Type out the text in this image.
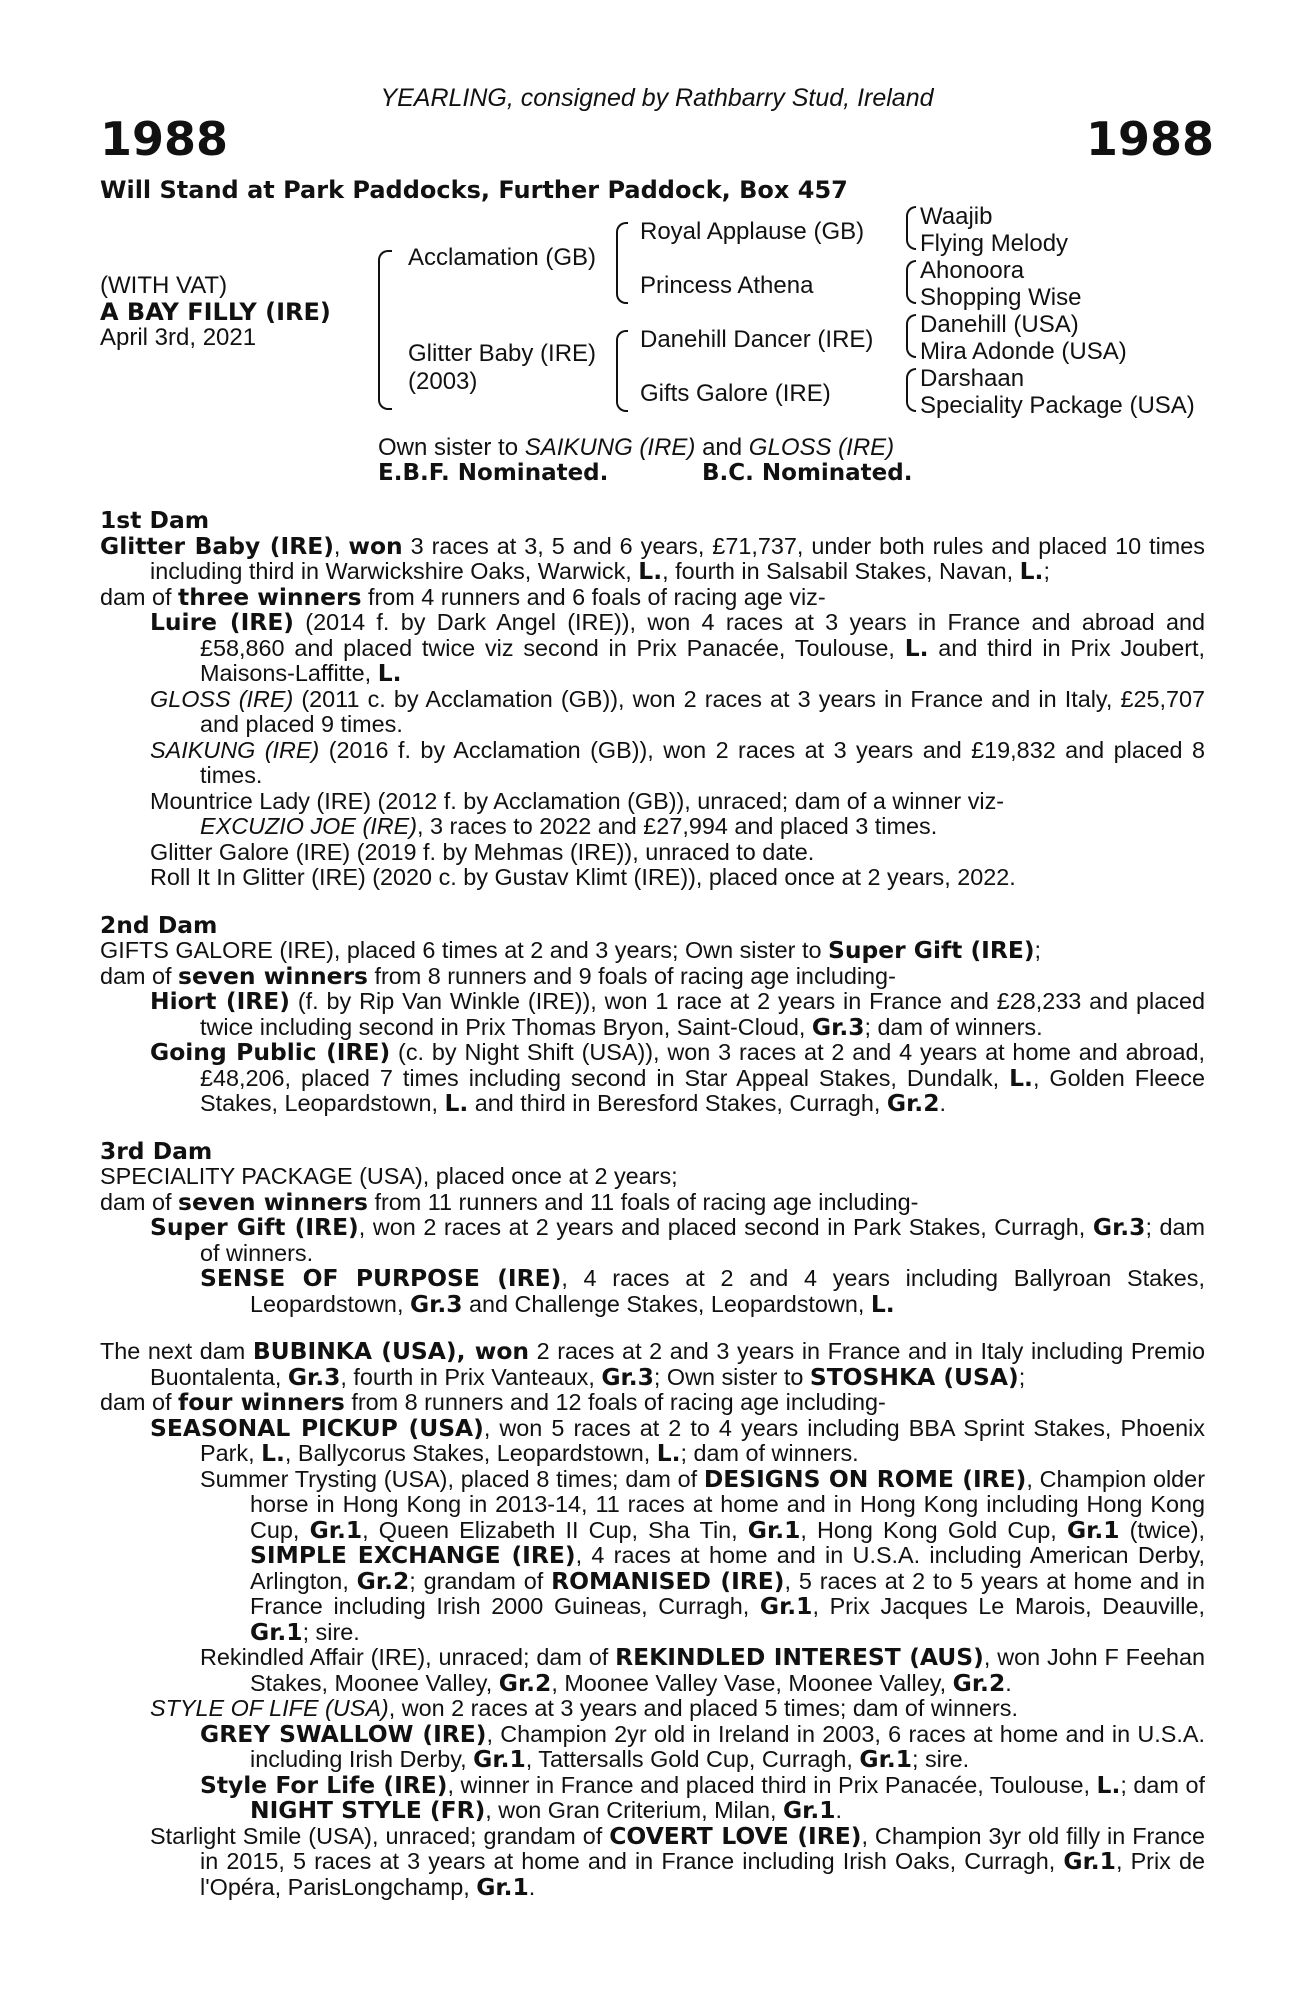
YEARLING, consigned by Rathbarry Stud, Ireland
1988	1988
Will Stand at Park Paddocks, Further Paddock, Box 457
(WITH VAT)
A BAY FILLY (IRE)
April 3rd, 2021
Acclamation (GB)
Glitter Baby (IRE)
(2003)
Royal Applause (GB)
Princess Athena
Danehill Dancer (IRE)
Gifts Galore (IRE)
Waajib
Flying Melody
Ahonoora
Shopping Wise
Danehill (USA)
Mira Adonde (USA)
Darshaan
Speciality Package (USA)
Own sister to SAIKUNG (IRE) and GLOSS (IRE)
E.B.F. Nominated.	B.C. Nominated.

1st Dam

Glitter Baby (IRE), won 3 races at 3, 5 and 6 years, £71,737, under both rules and placed 10 times including third in Warwickshire Oaks, Warwick, L., fourth in Salsabil Stakes, Navan, L.;

dam of three winners from 4 runners and 6 foals of racing age viz-

Luire (IRE) (2014 f. by Dark Angel (IRE)), won 4 races at 3 years in France and abroad and £58,860 and placed twice viz second in Prix Panacée, Toulouse, L. and third in Prix Joubert, Maisons-Laffitte, L.

GLOSS (IRE) (2011 c. by Acclamation (GB)), won 2 races at 3 years in France and in Italy, £25,707 and placed 9 times.

SAIKUNG (IRE) (2016 f. by Acclamation (GB)), won 2 races at 3 years and £19,832 and placed 8 times.

Mountrice Lady (IRE) (2012 f. by Acclamation (GB)), unraced; dam of a winner viz-

EXCUZIO JOE (IRE), 3 races to 2022 and £27,994 and placed 3 times.

Glitter Galore (IRE) (2019 f. by Mehmas (IRE)), unraced to date.

Roll It In Glitter (IRE) (2020 c. by Gustav Klimt (IRE)), placed once at 2 years, 2022.

2nd Dam

GIFTS GALORE (IRE), placed 6 times at 2 and 3 years; Own sister to Super Gift (IRE);

dam of seven winners from 8 runners and 9 foals of racing age including-

Hiort (IRE) (f. by Rip Van Winkle (IRE)), won 1 race at 2 years in France and £28,233 and placed twice including second in Prix Thomas Bryon, Saint-Cloud, Gr.3; dam of winners.

Going Public (IRE) (c. by Night Shift (USA)), won 3 races at 2 and 4 years at home and abroad, £48,206, placed 7 times including second in Star Appeal Stakes, Dundalk, L., Golden Fleece Stakes, Leopardstown, L. and third in Beresford Stakes, Curragh, Gr.2.

3rd Dam

SPECIALITY PACKAGE (USA), placed once at 2 years;

dam of seven winners from 11 runners and 11 foals of racing age including-

Super Gift (IRE), won 2 races at 2 years and placed second in Park Stakes, Curragh, Gr.3; dam of winners.

SENSE OF PURPOSE (IRE), 4 races at 2 and 4 years including Ballyroan Stakes, Leopardstown, Gr.3 and Challenge Stakes, Leopardstown, L.

The next dam BUBINKA (USA), won 2 races at 2 and 3 years in France and in Italy including Premio Buontalenta, Gr.3, fourth in Prix Vanteaux, Gr.3; Own sister to STOSHKA (USA);

dam of four winners from 8 runners and 12 foals of racing age including-

SEASONAL PICKUP (USA), won 5 races at 2 to 4 years including BBA Sprint Stakes, Phoenix Park, L., Ballycorus Stakes, Leopardstown, L.; dam of winners.

Summer Trysting (USA), placed 8 times; dam of DESIGNS ON ROME (IRE), Champion older horse in Hong Kong in 2013-14, 11 races at home and in Hong Kong including Hong Kong Cup, Gr.1, Queen Elizabeth II Cup, Sha Tin, Gr.1, Hong Kong Gold Cup, Gr.1 (twice), SIMPLE EXCHANGE (IRE), 4 races at home and in U.S.A. including American Derby, Arlington, Gr.2; grandam of ROMANISED (IRE), 5 races at 2 to 5 years at home and in France including Irish 2000 Guineas, Curragh, Gr.1, Prix Jacques Le Marois, Deauville, Gr.1; sire.

Rekindled Affair (IRE), unraced; dam of REKINDLED INTEREST (AUS), won John F Feehan Stakes, Moonee Valley, Gr.2, Moonee Valley Vase, Moonee Valley, Gr.2.

STYLE OF LIFE (USA), won 2 races at 3 years and placed 5 times; dam of winners.

GREY SWALLOW (IRE), Champion 2yr old in Ireland in 2003, 6 races at home and in U.S.A. including Irish Derby, Gr.1, Tattersalls Gold Cup, Curragh, Gr.1; sire.

Style For Life (IRE), winner in France and placed third in Prix Panacée, Toulouse, L.; dam of NIGHT STYLE (FR), won Gran Criterium, Milan, Gr.1.

Starlight Smile (USA), unraced; grandam of COVERT LOVE (IRE), Champion 3yr old filly in France in 2015, 5 races at 3 years at home and in France including Irish Oaks, Curragh, Gr.1, Prix de l'Opéra, ParisLongchamp, Gr.1.
